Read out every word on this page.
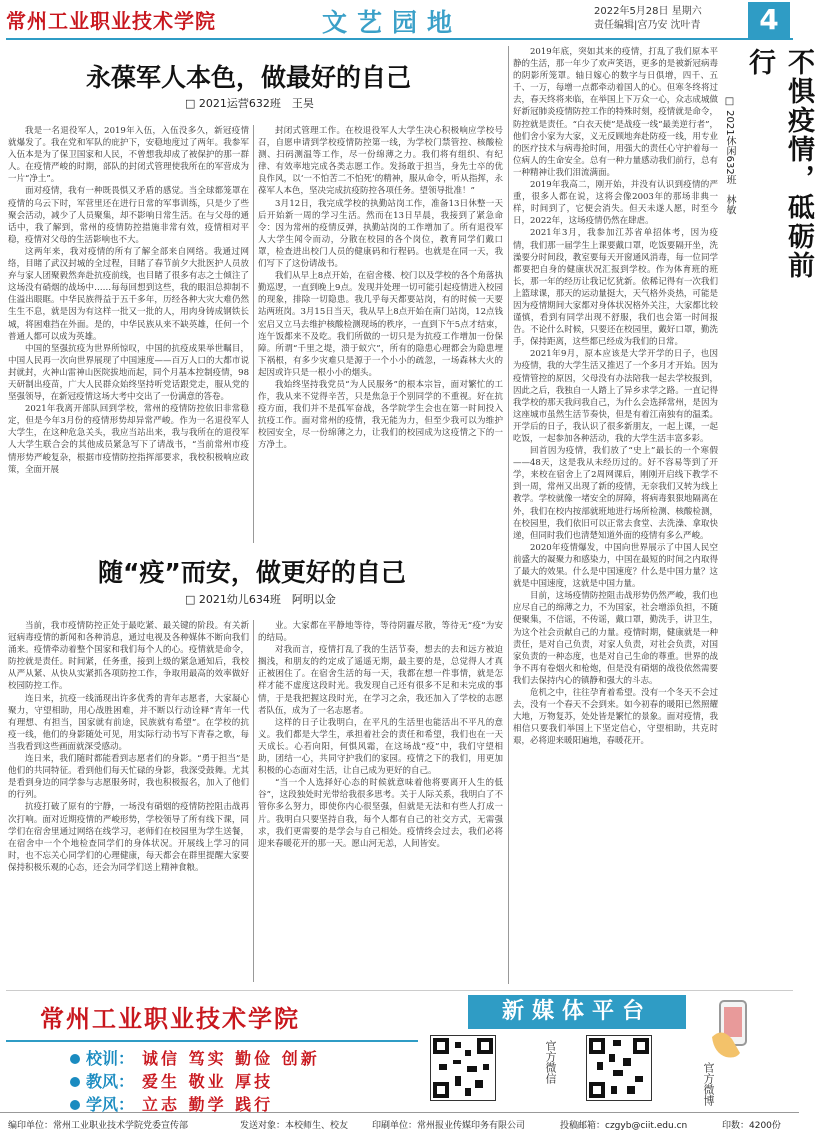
常州工业职业技术学院	文艺园地	2022年5月28日 星期六
责任编辑|宫乃安 沈叶青	4
永葆军人本色，做最好的自己
□ 2021运营632班　王昊

我是一名退役军人，2019年入伍，入伍没多久，新冠疫情就爆发了。我在党和军队的庇护下，安稳地度过了两年。我参军入伍本是为了保卫国家和人民，不曾想我却成了被保护的那一群人。在疫情严峻的时期，部队的封闭式管理使我所在的军营成为一片“净土”。

面对疫情，我有一种既畏惧又矛盾的感觉。当全球都笼罩在疫情的乌云下时，军营里还在进行日常的军事训练，只是少了些聚会活动，减少了人员聚集，却不影响日常生活。在与父母的通话中，我了解到，常州的疫情防控措施非常有效，疫情相对平稳，疫情对父母的生活影响也不大。

这两年来，我对疫情的所有了解全部来自网络。我通过网络，目睹了武汉封城的全过程，目睹了春节前夕大批医护人员放弃与家人团聚毅然奔赴抗疫前线，也目睹了很多有志之士倾注了这场没有硝烟的战场中……每每回想到这些，我的眼泪总抑制不住溢出眼眶。中华民族得益于五千多年，历经各种大灾大难仍然生生不息，就是因为有这样一批又一批的人，用肉身铸成钢铁长城，将困难挡在外面。是的，中华民族从来不缺英雄，任何一个普通人都可以成为英雄。

中国的坚强抗疫为世界所惊叹，中国的抗疫成果举世瞩目，中国人民再一次向世界展现了中国速度——百万人口的大都市说封就封，火神山雷神山医院拔地而起，同个月基本控制疫情，98天研制出疫苗，广大人民群众始终坚持听党话跟党走，服从党的坚强领导，在新冠疫情这场大考中交出了一份满意的答卷。

2021年我离开部队回到学校，常州的疫情防控依旧非常稳定，但是今年3月份的疫情形势却异常严峻。作为一名退役军人大学生，在这种危急关头，我应当站出来，我与我所在的退役军人大学生联合会的其他成员紧急写下了请战书，“当前常州市疫情形势严峻复杂，根据市疫情防控指挥部要求，我校积极响应政策，全面开展

封闭式管理工作。在校退役军人大学生决心积极响应学校号召，自愿申请到学校疫情防控第一线，为学校门禁管控、核酸检测、扫码测温等工作，尽一份绵薄之力。我们将有组织、有纪律、有效率地完成各类志愿工作。发扬敢于担当，身先士卒的优良作风，以‘一不怕苦二不怕死’的精神，服从命令，听从指挥，永葆军人本色，坚决完成抗疫防控各项任务。望领导批准！”

3月12日，我完成学校的执勤站岗工作，准备13日休整一天后开始新一周的学习生活。然而在13日早晨，我接到了紧急命令：因为常州的疫情反弹，执勤站岗的工作增加了。所有退役军人大学生闻令而动，分散在校园的各个岗位，教育同学们戴口罩，检查进出校门人员的健康码和行程码。也就是在同一天，我们写下了这份请战书。

我们从早上8点开始，在宿舍楼、校门以及学校的各个角落执勤巡逻，一直到晚上9点。发现并处理一切可能引起疫情进入校园的现象，排除一切隐患。我几乎每天都要站岗，有的时候一天要站两班岗。3月15日当天，我从早上8点开始在南门站岗，12点钱宏启又立马去维护核酸检测现场的秩序，一直到下午5点才结束，连午饭都来不及吃。我们所做的一切只是为抗疫工作增加一份保障。所谓“千里之堤，溃于蚁穴”，所有的隐患心理都会为隐患埋下祸根，有多少灾难只是源于一个小小的疏忽，一场森林大火的起因或许只是一根小小的烟头。

我始终坚持我党员“为人民服务”的根本宗旨，面对繁忙的工作，我从来不觉得辛苦，只是焦急于个别同学的不重视。好在抗疫方面，我们并不是孤军奋战，各学院学生会也在第一时间投入抗疫工作。面对常州的疫情，我无能为力，但至少我可以为维护校园安全，尽一份绵薄之力，让我们的校园成为这疫情之下的一方净土。

随“疫”而安，做更好的自己
□ 2021幼儿634班　阿明以金

当前，我市疫情防控正处于最吃紧、最关键的阶段。有关新冠病毒疫情的新闻和各种消息，通过电视及各种媒体不断向我们涌来。疫情牵动着整个国家和我们每个人的心。疫情就是命令，防控就是责任。时间紧，任务重，接到上级的紧急通知后，我校从严从紧、从快从实紧抓各项防控工作，争取用最高的效率做好校园防控工作。

连日来，抗疫一线涌现出许多优秀的青年志愿者，大家凝心聚力，守望相助，用心战胜困难，并不断以行动诠释“青年一代有理想、有担当，国家就有前途，民族就有希望”。在学校的抗疫一线，他们的身影随处可见，用实际行动书写下青春之歌，每当我看到这些画面就深受感动。

连日来，我们随时都能看到志愿者们的身影。“勇于担当”是他们的共同特征。看到他们每天忙碌的身影，我深受鼓舞。尤其是看到身边的同学参与志愿服务时，我也积极报名，加入了他们的行列。

抗疫打破了原有的宁静，一场没有硝烟的疫情防控阻击战再次打响。面对近期疫情的严峻形势，学校领导了所有线下课，同学们在宿舍里通过网络在线学习，老师们在校园里为学生送餐，在宿舍中一个个地检查同学们的身体状况。开展线上学习的同时，也不忘关心同学们的心理健康，每天都会在群里提醒大家要保持积极乐观的心态，还会为同学们送上精神食粮。

业。大家都在平静地等待，等待阴霾尽散，等待无“疫”为安的结局。

对我而言，疫情打乱了我的生活节奏，想去的去和远方被迫搁浅，和朋友的约定成了遥遥无期，最主要的是，总觉得人才真正被困住了。在宿舍生活的每一天，我都在想一件事情，就是怎样才能不虚度这段时光。我发现自己还有很多不足和未完成的事情，于是我把握这段时光，在学习之余，我还加入了学校的志愿者队伍，成为了一名志愿者。

这样的日子让我明白，在平凡的生活里也能活出不平凡的意义。我们都是大学生，承担着社会的责任和希望，我们也在一天天成长。心若向阳，何惧风霜，在这场战“疫”中，我们守望相助，团结一心，共同守护我们的家园。疫情之下的我们，用更加积极的心态面对生活，让自己成为更好的自己。

“当一个人选择好心态的时候就意味着他将要离开人生的低谷”，这段独处时光带给我很多思考。关于人际关系，我明白了不管你多么努力，即使你内心很坚强，但就是无法和有些人打成一片。我明白只要坚持自我，每个人都有自己的社交方式，无需强求，我们更需要的是学会与自己相处。疫情终会过去，我们必将迎来春暖花开的那一天。愿山河无恙，人间皆安。

2019年底，突如其来的疫情，打乱了我们原本平静的生活，那一年少了欢声笑语，更多的是被新冠病毒的阴影所笼罩。轴日嫁心的数字与日俱增，四千、五千、一万，每增一点都牵动着国人的心。但寒冬终将过去，春天终将来临，在举国上下万众一心，众志成城做好新冠肺炎疫情防控工作的特殊时刻，疫情就是命令，防控就是责任。“白衣天使”是战疫一线“最美逆行者”，他们舍小家为大家，义无反顾地奔赴防疫一线，用专业的医疗技术与病毒抢时间，用强大的责任心守护着每一位病人的生命安全。总有一种力量感动我们前行，总有一种精神让我们泪流满面。

2019年我高二，刚开始，并没有认识到疫情的严重，很多人都在说，这将会像2003年的那场非典一样，时间到了，它便会消失。但天未遂人愿，时至今日，2022年，这场疫情仍然在肆虐。

2021年3月，我参加江苏省单招体考，因为疫情，我们那一届学生上课要戴口罩，吃饭要隔开坐，洗澡要分时间段，教室要每天开窗通风消毒，每一位同学都要把自身的健康状况汇报到学校。作为体育班的班长，那一年的经历让我记忆犹新。依稀记得有一次我们上篮球课，那天的运动量挺大，天气格外炎热，可能是因为疫情期间大家都对身体状况格外关注，大家都比较谨慎，看到有同学出现不舒服，我们也会第一时间报告。不论什么时候，只要还在校园里，戴好口罩，勤洗手，保持距离，这些都已经成为我们的日常。

2021年9月，原本应该是大学开学的日子，也因为疫情，我的大学生活又推迟了一个多月才开始。因为疫情管控的原因，父母没有办法陪我一起去学校报到，因此之后，我独自一人踏上了异乡求学之路。一直记得我学校的那天我问我自己，为什么会选择常州，是因为这座城市虽然生活节奏快，但是有着江南独有的温柔。开学后的日子，我认识了很多新朋友，一起上课，一起吃饭，一起参加各种活动，我的大学生活丰富多彩。

回首因为疫情，我们放了“史上”最长的一个寒假——48天，这是我从未经历过的。好不容易等到了开学，来校在宿舍上了2周网课后，刚刚开启线下教学不到一周，常州又出现了新的疫情，无奈我们又转为线上教学。学校就像一堵安全的屏障，将病毒狠狠地隔离在外，我们在校内按部就班地进行场所检测、核酸检测，在校园里，我们依旧可以正常去食堂、去洗澡、拿取快递，但同时我们也清楚知道外面的疫情有多么严峻。

2020年疫情爆发，中国向世界展示了中国人民空前盛大的凝聚力和感染力，中国在最短的时间之内取得了最大的效果。什么是中国速度？什么是中国力量？这就是中国速度，这就是中国力量。

目前，这场疫情防控阻击战形势仍然严峻，我们也应尽自己的绵薄之力，不为国家，社会增添负担，不随便聚集，不信谣，不传谣，戴口罩，勤洗手，讲卫生，为这个社会贡献自己的力量。疫情时期，健康就是一种责任，是对自己负责，对家人负责，对社会负责，对国家负责的一种态度，也是对自己生命的尊重。世界的战争不再有卷烟火和枪炮，但是没有硝烟的战役依然需要我们去保持内心的镇静和强大的斗志。

危机之中，往往孕育着希望。没有一个冬天不会过去，没有一个春天不会到来。如今初春的暖阳已然照耀大地，万物复苏，处处皆是繁忙的景象。面对疫情，我相信只要我们举国上下坚定信心，守望相助，共克时艰，必将迎来暖阳遍地，春暖花开。

不惧疫情，砥砺前行
□ 2021休闲632班　林敏
常州工业职业技术学院
校训： 诚信 笃实 勤俭 创新
教风： 爱生 敬业 厚技
学风： 立志 勤学 践行
新媒体平台
官方微信	官方微博
编印单位：常州工业职业技术学院党委宣传部	发送对象：本校师生、校友	印刷单位：常州报业传媒印务有限公司	投稿邮箱：czgyb@ciit.edu.cn	印数：4200份
